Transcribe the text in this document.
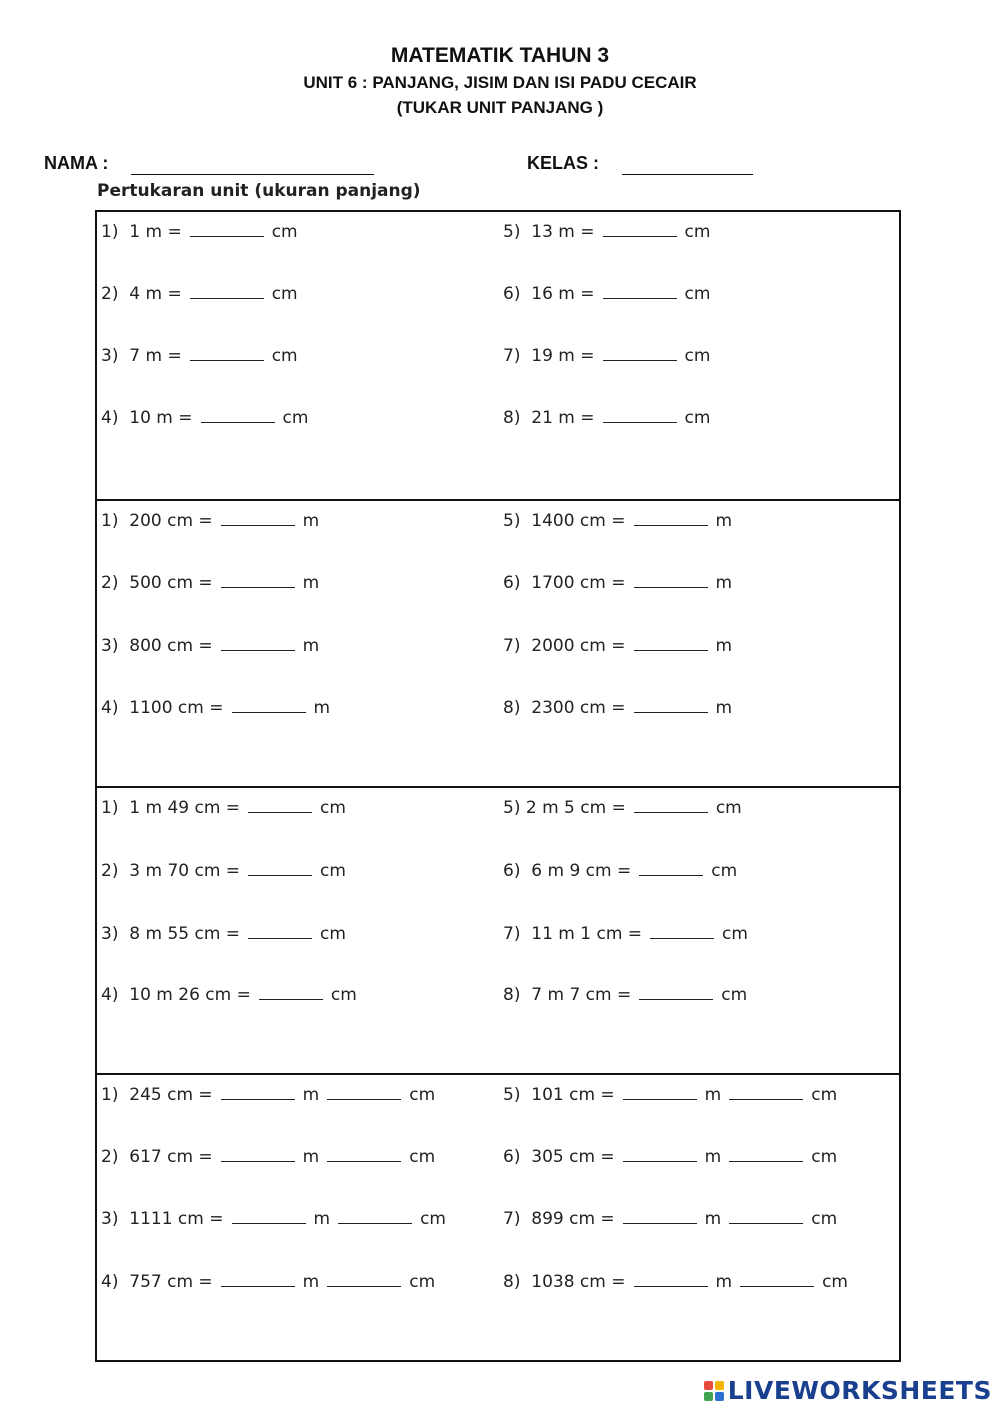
MATEMATIK TAHUN 3
UNIT 6 : PANJANG, JISIM DAN ISI PADU CECAIR
(TUKAR UNIT PANJANG )
NAMA :	KELAS :
Pertukaran unit (ukuran panjang)
1)
1 m =	cm
2)
4 m =	cm
3)
7 m =	cm
4)
10 m =	cm
5)
13 m =	cm
6)
16 m =	cm
7)
19 m =	cm
8)
21 m =	cm
1)
200 cm =	m
2)
500 cm =	m
3)
800 cm =	m
4)
1100 cm =	m
5)
1400 cm =	m
6)
1700 cm =	m
7)
2000 cm =	m
8)
2300 cm =	m
1)
1 m 49 cm =	cm
2)
3 m 70 cm =	cm
3)
8 m 55 cm =	cm
4)
10 m 26 cm =	cm
5)
2 m 5 cm =	cm
6)
6 m 9 cm =	cm
7)
11 m 1 cm =	cm
8)
7 m 7 cm =	cm
1)
245 cm =	m	cm
2)
617 cm =	m	cm
3)
1111 cm =	m	cm
4)
757 cm =	m	cm
5)
101 cm =	m	cm
6)
305 cm =	m	cm
7)
899 cm =	m	cm
8)
1038 cm =	m	cm
LIVEWORKSHEETS
